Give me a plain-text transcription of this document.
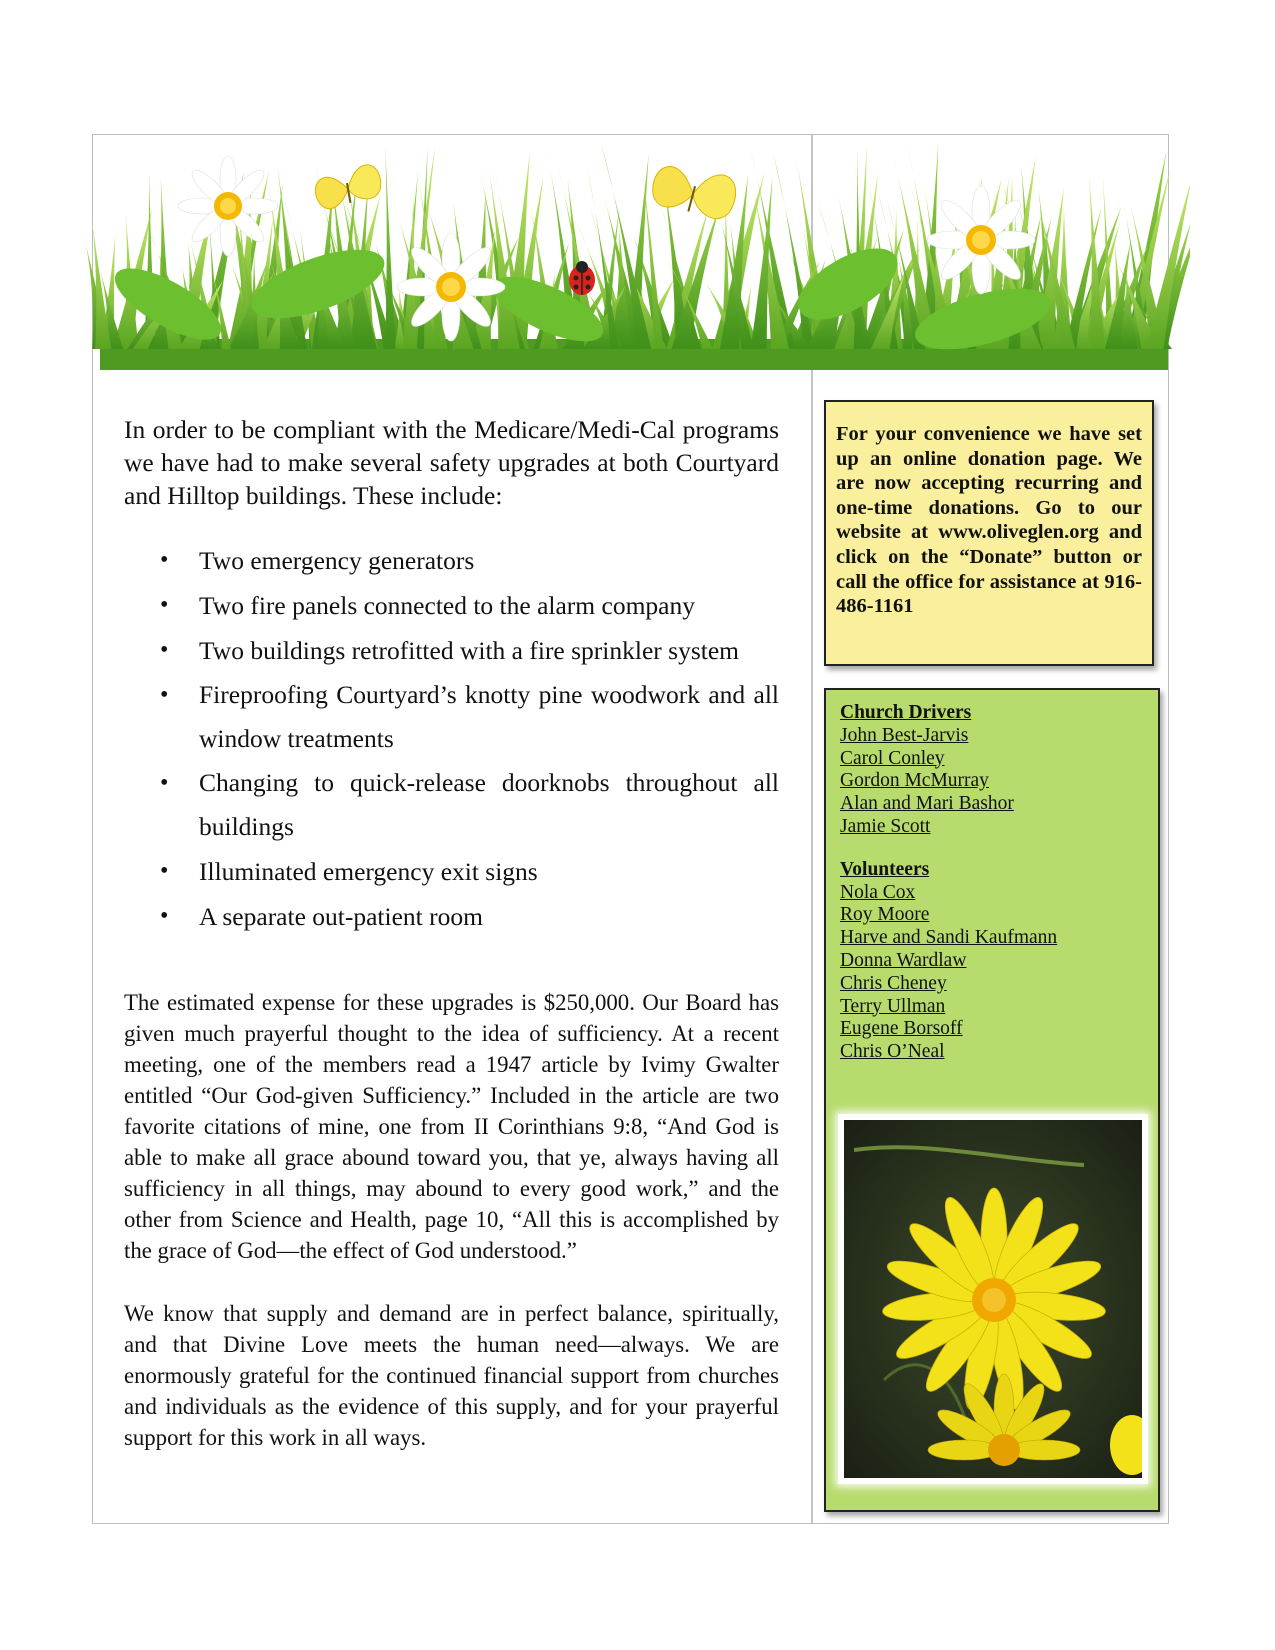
In order to be compliant with the Medicare/Medi-Cal programs we have had to make several safety upgrades at both Courtyard and Hilltop buildings. These include:

• Two emergency generators
• Two fire panels connected to the alarm company
• Two buildings retrofitted with a fire sprinkler system
• Fireproofing Courtyard’s knotty pine woodwork and all window treatments
• Changing to quick-release doorknobs throughout all buildings
• Illuminated emergency exit signs
• A separate out-patient room

The estimated expense for these upgrades is $250,000. Our Board has given much prayerful thought to the idea of sufficiency. At a recent meeting, one of the members read a 1947 article by Ivimy Gwalter entitled “Our God-given Sufficiency.” Included in the article are two favorite citations of mine, one from II Corinthians 9:8, “And God is able to make all grace abound toward you, that ye, always having all sufficiency in all things, may abound to every good work,” and the other from Science and Health, page 10, “All this is accomplished by the grace of God—the effect of God understood.”

We know that supply and demand are in perfect balance, spiritually, and that Divine Love meets the human need—always. We are enormously grateful for the continued financial support from churches and individuals as the evidence of this supply, and for your prayerful support for this work in all ways.

For your convenience we have set up an online donation page. We are now accepting recurring and one-time donations. Go to our website at www.oliveglen.org and click on the “Donate” button or call the office for assistance at 916-486-1161

Church Drivers
John Best-Jarvis
Carol Conley
Gordon McMurray
Alan and Mari Bashor
Jamie Scott
Volunteers
Nola Cox
Roy Moore
Harve and Sandi Kaufmann
Donna Wardlaw
Chris Cheney
Terry Ullman
Eugene Borsoff
Chris O’Neal
